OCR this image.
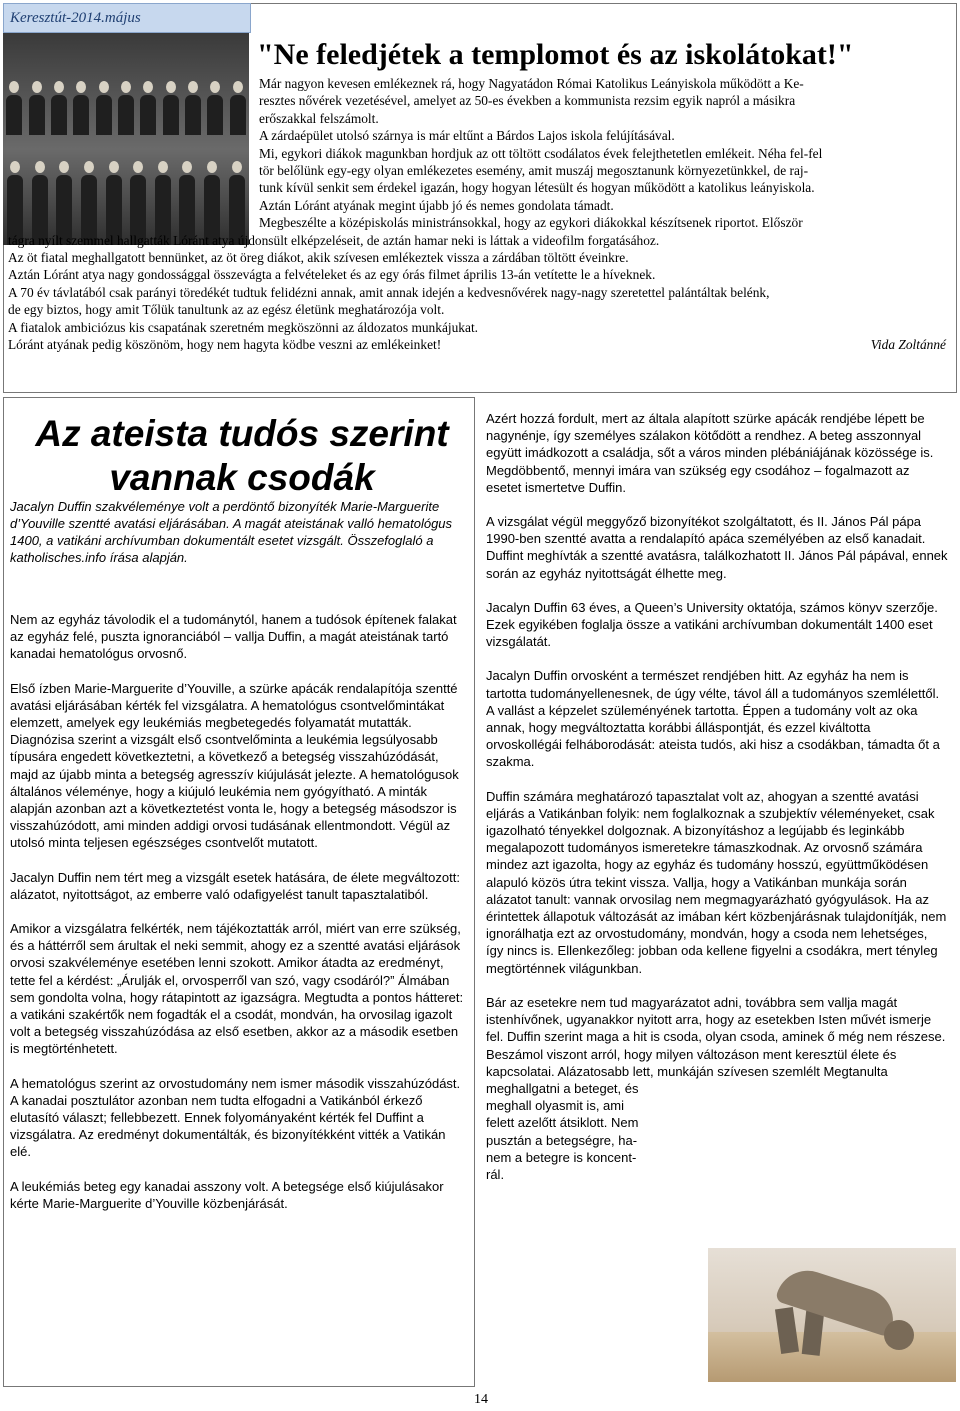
Keresztút-2014.május
"Ne feledjétek a templomot és az iskolátokat!"
Már nagyon kevesen emlékeznek rá, hogy Nagyatádon Római Katolikus Leányiskola működött a Ke-
resztes nővérek vezetésével, amelyet az 50-es években a kommunista rezsim egyik napról a másikra
erőszakkal felszámolt.
A zárdaépület utolsó szárnya is már eltűnt a Bárdos Lajos iskola felújításával.
Mi, egykori diákok magunkban hordjuk az ott töltött csodálatos évek felejthetetlen emlékeit. Néha fel-fel
tör belőlünk egy-egy olyan emlékezetes esemény, amit muszáj megosztanunk környezetünkkel, de raj-
tunk kívül senkit sem érdekel igazán, hogy hogyan létesült és hogyan működött a katolikus leányiskola.
Aztán Lóránt atyának megint újabb jó és nemes gondolata támadt.
Megbeszélte a középiskolás ministránsokkal, hogy az egykori diákokkal készítsenek riportot. Először
tágra nyílt szemmel hallgatták Lóránt atya újdonsült elképzeléseit, de aztán hamar neki is láttak a videofilm forgatásához.
Az öt fiatal meghallgatott bennünket, az öt öreg diákot, akik szívesen emlékeztek vissza a zárdában töltött éveinkre.
Aztán Lóránt atya nagy gondossággal összevágta a felvételeket és az egy órás filmet április 13-án vetítette le a híveknek.
A 70 év távlatából csak parányi töredékét tudtuk felidézni annak, amit annak idején a kedvesnővérek nagy-nagy szeretettel palántáltak belénk,
de egy biztos, hogy amit Tőlük tanultunk az az egész életünk meghatározója volt.
A fiatalok ambiciózus kis csapatának szeretném megköszönni az áldozatos munkájukat.
Lóránt atyának pedig köszönöm, hogy nem hagyta ködbe veszni az emlékeinket!	Vida Zoltánné
Az ateista tudós szerint
vannak csodák
Jacalyn Duffin szakvéleménye volt a perdöntő bizonyíték Marie-Marguerite d’Youville szentté avatási eljárásában. A magát ateistának valló hematológus 1400, a vatikáni archívumban dokumentált esetet vizsgált. Összefoglaló a katholisches.info írása alapján.

Nem az egyház távolodik el a tudománytól, hanem a tudósok építenek falakat az egyház felé, puszta ignoranciából – vallja Duffin, a magát ateistának tartó kanadai hematológus orvosnő.

Első ízben Marie-Marguerite d’Youville, a szürke apácák rendalapítója szentté avatási eljárásában kérték fel vizsgálatra. A hematológus csontvelőmintákat elemzett, amelyek egy leukémiás megbetegedés folyamatát mutatták. Diagnózisa szerint a vizsgált első csontvelőminta a leukémia legsúlyosabb típusára engedett következtetni, a következő a betegség visszahúzódását, majd az újabb minta a betegség agresszív kiújulását jelezte. A hematológusok általános véleménye, hogy a kiújuló leukémia nem gyógyítható. A minták alapján azonban azt a következtetést vonta le, hogy a betegség másodszor is visszahúzódott, ami minden addigi orvosi tudásának ellentmondott. Végül az utolsó minta teljesen egészséges csontvelőt mutatott.

Jacalyn Duffin nem tért meg a vizsgált esetek hatására, de élete megváltozott: alázatot, nyitottságot, az emberre való odafigyelést tanult tapasztalatiból.

Amikor a vizsgálatra felkérték, nem tájékoztatták arról, miért van erre szükség, és a háttérről sem árultak el neki semmit, ahogy ez a szentté avatási eljárások orvosi szakvéleménye esetében lenni szokott. Amikor átadta az eredményt, tette fel a kérdést: „Árulják el, orvosperről van szó, vagy csodáról?” Álmában sem gondolta volna, hogy rátapintott az igazságra. Megtudta a pontos hátteret: a vatikáni szakértők nem fogadták el a csodát, mondván, ha orvosilag igazolt volt a betegség visszahúzódása az első esetben, akkor az a második esetben is megtörténhetett.

A hematológus szerint az orvostudomány nem ismer második visszahúzódást. A kanadai posztulátor azonban nem tudta elfogadni a Vatikánból érkező elutasító választ; fellebbezett. Ennek folyományaként kérték fel Duffint a vizsgálatra. Az eredményt dokumentálták, és bizonyítékként vitték a Vatikán elé.

A leukémiás beteg egy kanadai asszony volt. A betegsége első kiújulásakor kérte Marie-Marguerite d’Youville közbenjárását.

Azért hozzá fordult, mert az általa alapított szürke apácák rendjébe lépett be nagynénje, így személyes szálakon kötődött a rendhez. A beteg asszonnyal együtt imádkozott a családja, sőt a város minden plébániájának közössége is. Megdöbbentő, mennyi imára van szükség egy csodához – fogalmazott az esetet ismertetve Duffin.

A vizsgálat végül meggyőző bizonyítékot szolgáltatott, és II. János Pál pápa 1990-ben szentté avatta a rendalapító apáca személyében az első kanadait. Duffint meghívták a szentté avatásra, találkozhatott II. János Pál pápával, ennek során az egyház nyitottságát élhette meg.

Jacalyn Duffin 63 éves, a Queen’s University oktatója, számos könyv szerzője. Ezek egyikében foglalja össze a vatikáni archívumban dokumentált 1400 eset vizsgálatát.

Jacalyn Duffin orvosként a természet rendjében hitt. Az egyház ha nem is tartotta tudományellenesnek, de úgy vélte, távol áll a tudományos szemlélettől. A vallást a képzelet szüleményének tartotta. Éppen a tudomány volt az oka annak, hogy megváltoztatta korábbi álláspontját, és ezzel kiváltotta orvoskollégái felháborodását: ateista tudós, aki hisz a csodákban, támadta őt a szakma.

Duffin számára meghatározó tapasztalat volt az, ahogyan a szentté avatási eljárás a Vatikánban folyik: nem foglalkoznak a szubjektív véleményeket, csak igazolható tényekkel dolgoznak. A bizonyításhoz a legújabb és leginkább megalapozott tudományos ismeretekre támaszkodnak. Az orvosnő számára mindez azt igazolta, hogy az egyház és tudomány hosszú, együttműködésen alapuló közös útra tekint vissza. Vallja, hogy a Vatikánban munkája során alázatot tanult: vannak orvosilag nem megmagyarázható gyógyulások. Ha az érintettek állapotuk változását az imában kért közbenjárásnak tulajdonítják, nem ignorálhatja ezt az orvostudomány, mondván, hogy a csoda nem lehetséges, így nincs is. Ellenkezőleg: jobban oda kellene figyelni a csodákra, mert tényleg megtörténnek világunkban.

Bár az esetekre nem tud magyarázatot adni, továbbra sem vallja magát istenhívőnek, ugyanakkor nyitott arra, hogy az esetekben Isten művét ismerje fel. Duffin szerint maga a hit is csoda, olyan csoda, aminek ő még nem részese. Beszámol viszont arról, hogy milyen változáson ment keresztül élete és kapcsolatai. Alázatosabb lett, munkáján szívesen szemlélt Megtanulta

meghallgatni a beteget, és
meghall olyasmit is, ami
felett azelőtt átsiklott. Nem
pusztán a betegségre, ha-
nem a betegre is koncent-
rál.
14
